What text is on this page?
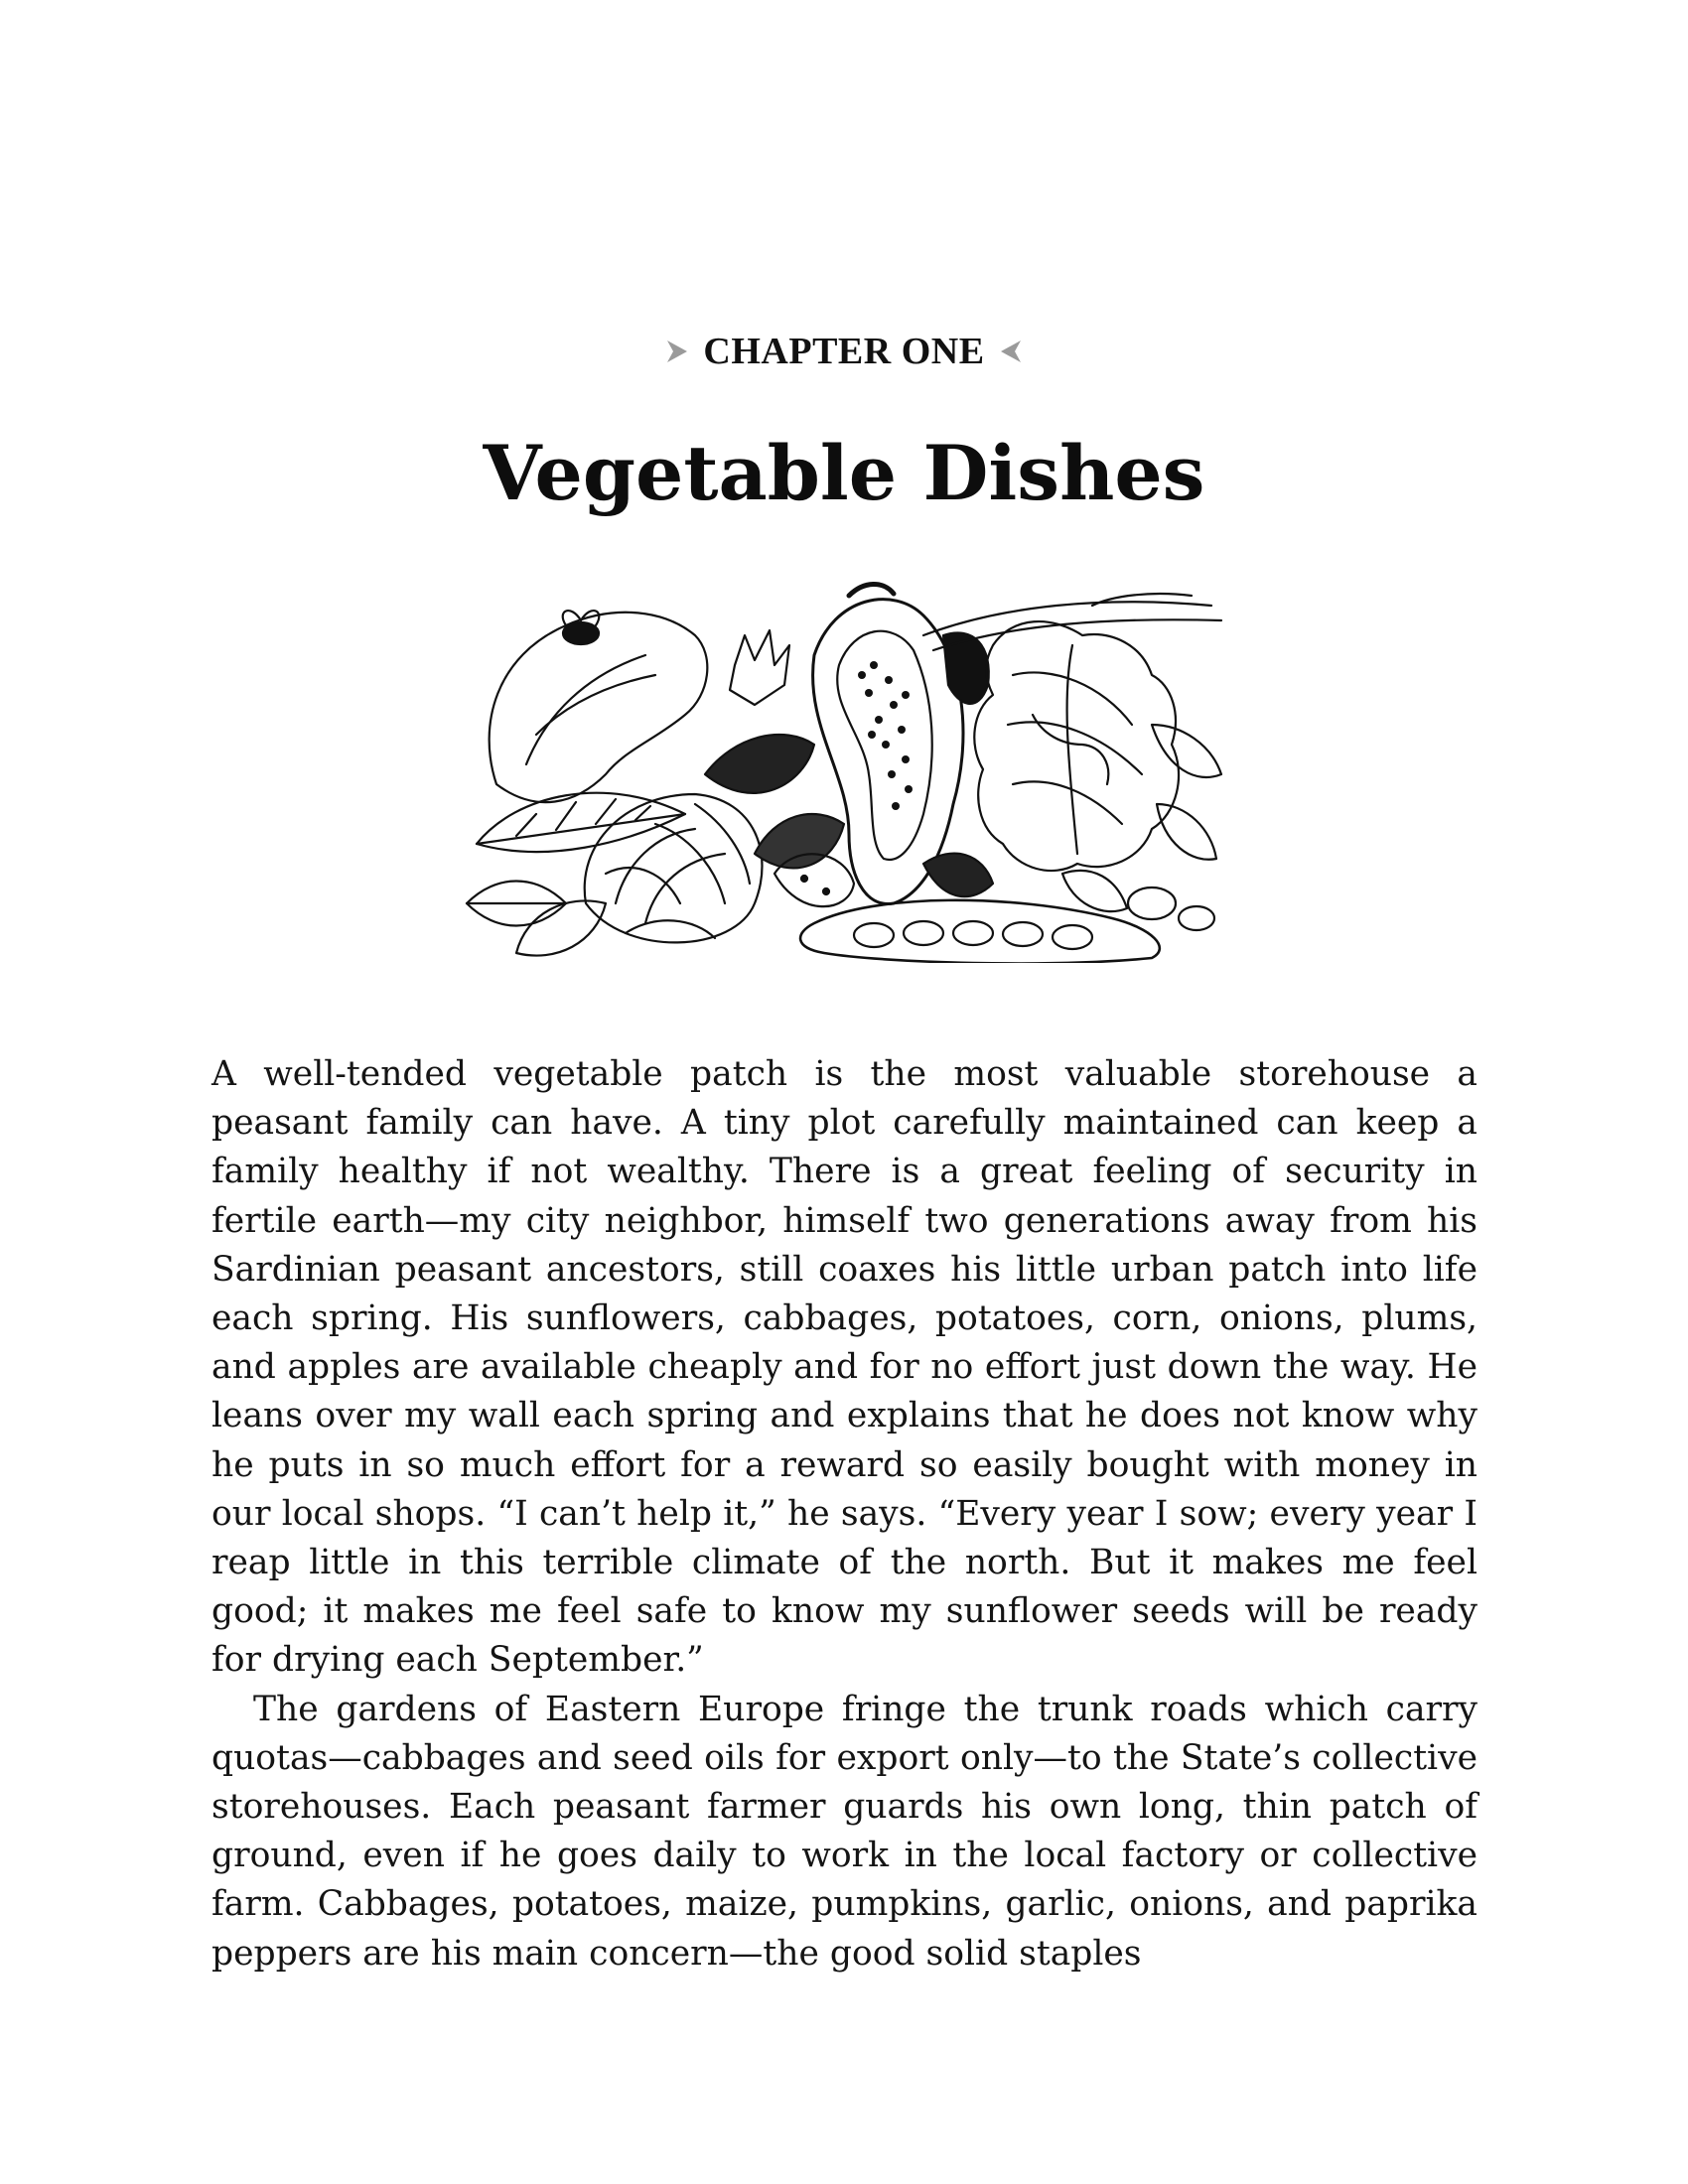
CHAPTER ONE
Vegetable Dishes

A well-tended vegetable patch is the most valuable storehouse a peasant family can have. A tiny plot carefully maintained can keep a family healthy if not wealthy. There is a great feeling of security in fertile earth—my city neighbor, himself two generations away from his Sardinian peasant ancestors, still coaxes his little urban patch into life each spring. His sunflowers, cabbages, potatoes, corn, onions, plums, and apples are available cheaply and for no effort just down the way. He leans over my wall each spring and explains that he does not know why he puts in so much effort for a reward so easily bought with money in our local shops. “I can’t help it,” he says. “Every year I sow; every year I reap little in this terrible climate of the north. But it makes me feel good; it makes me feel safe to know my sunflower seeds will be ready for drying each September.”

The gardens of Eastern Europe fringe the trunk roads which carry quotas—cabbages and seed oils for export only—to the State’s collective storehouses. Each peasant farmer guards his own long, thin patch of ground, even if he goes daily to work in the local factory or collective farm. Cabbages, potatoes, maize, pumpkins, garlic, onions, and paprika peppers are his main concern—the good solid staples
